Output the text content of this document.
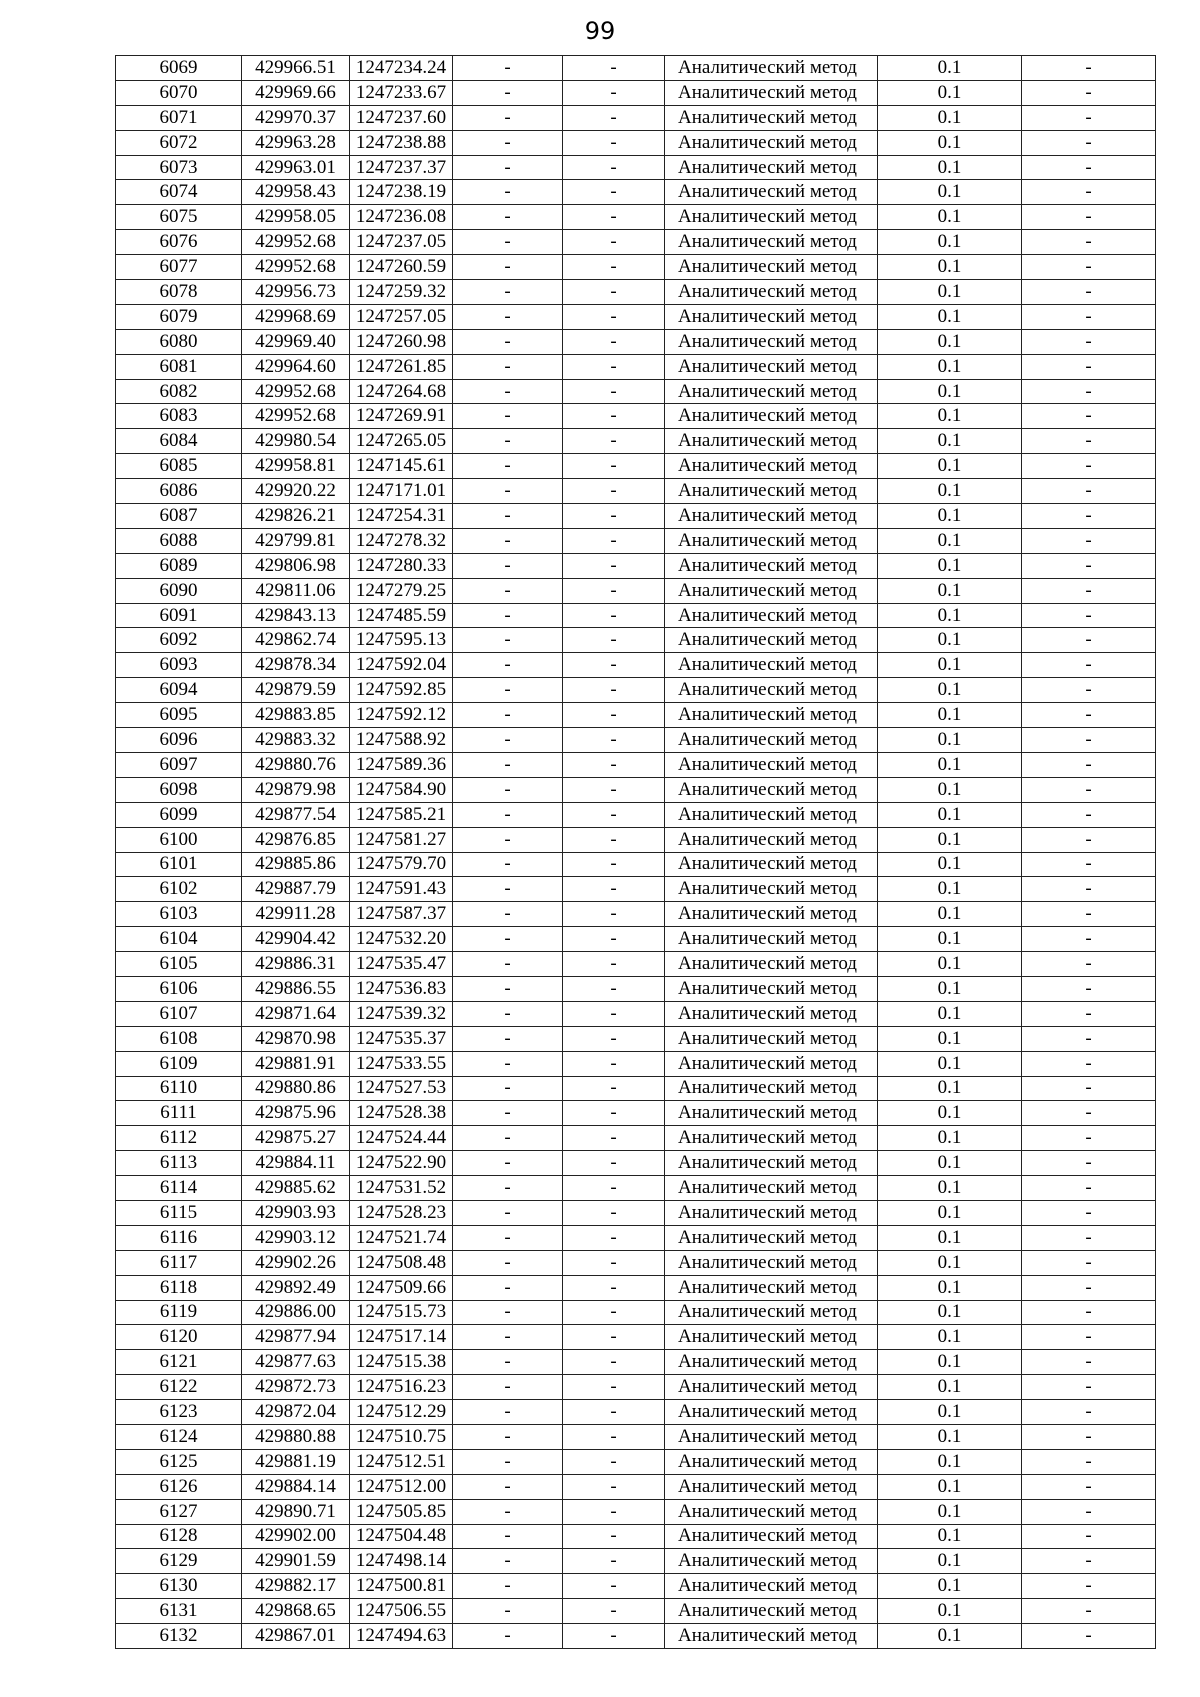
99
6069	429966.51	1247234.24	-	-	Аналитический метод	0.1	-
6070	429969.66	1247233.67	-	-	Аналитический метод	0.1	-
6071	429970.37	1247237.60	-	-	Аналитический метод	0.1	-
6072	429963.28	1247238.88	-	-	Аналитический метод	0.1	-
6073	429963.01	1247237.37	-	-	Аналитический метод	0.1	-
6074	429958.43	1247238.19	-	-	Аналитический метод	0.1	-
6075	429958.05	1247236.08	-	-	Аналитический метод	0.1	-
6076	429952.68	1247237.05	-	-	Аналитический метод	0.1	-
6077	429952.68	1247260.59	-	-	Аналитический метод	0.1	-
6078	429956.73	1247259.32	-	-	Аналитический метод	0.1	-
6079	429968.69	1247257.05	-	-	Аналитический метод	0.1	-
6080	429969.40	1247260.98	-	-	Аналитический метод	0.1	-
6081	429964.60	1247261.85	-	-	Аналитический метод	0.1	-
6082	429952.68	1247264.68	-	-	Аналитический метод	0.1	-
6083	429952.68	1247269.91	-	-	Аналитический метод	0.1	-
6084	429980.54	1247265.05	-	-	Аналитический метод	0.1	-
6085	429958.81	1247145.61	-	-	Аналитический метод	0.1	-
6086	429920.22	1247171.01	-	-	Аналитический метод	0.1	-
6087	429826.21	1247254.31	-	-	Аналитический метод	0.1	-
6088	429799.81	1247278.32	-	-	Аналитический метод	0.1	-
6089	429806.98	1247280.33	-	-	Аналитический метод	0.1	-
6090	429811.06	1247279.25	-	-	Аналитический метод	0.1	-
6091	429843.13	1247485.59	-	-	Аналитический метод	0.1	-
6092	429862.74	1247595.13	-	-	Аналитический метод	0.1	-
6093	429878.34	1247592.04	-	-	Аналитический метод	0.1	-
6094	429879.59	1247592.85	-	-	Аналитический метод	0.1	-
6095	429883.85	1247592.12	-	-	Аналитический метод	0.1	-
6096	429883.32	1247588.92	-	-	Аналитический метод	0.1	-
6097	429880.76	1247589.36	-	-	Аналитический метод	0.1	-
6098	429879.98	1247584.90	-	-	Аналитический метод	0.1	-
6099	429877.54	1247585.21	-	-	Аналитический метод	0.1	-
6100	429876.85	1247581.27	-	-	Аналитический метод	0.1	-
6101	429885.86	1247579.70	-	-	Аналитический метод	0.1	-
6102	429887.79	1247591.43	-	-	Аналитический метод	0.1	-
6103	429911.28	1247587.37	-	-	Аналитический метод	0.1	-
6104	429904.42	1247532.20	-	-	Аналитический метод	0.1	-
6105	429886.31	1247535.47	-	-	Аналитический метод	0.1	-
6106	429886.55	1247536.83	-	-	Аналитический метод	0.1	-
6107	429871.64	1247539.32	-	-	Аналитический метод	0.1	-
6108	429870.98	1247535.37	-	-	Аналитический метод	0.1	-
6109	429881.91	1247533.55	-	-	Аналитический метод	0.1	-
6110	429880.86	1247527.53	-	-	Аналитический метод	0.1	-
6111	429875.96	1247528.38	-	-	Аналитический метод	0.1	-
6112	429875.27	1247524.44	-	-	Аналитический метод	0.1	-
6113	429884.11	1247522.90	-	-	Аналитический метод	0.1	-
6114	429885.62	1247531.52	-	-	Аналитический метод	0.1	-
6115	429903.93	1247528.23	-	-	Аналитический метод	0.1	-
6116	429903.12	1247521.74	-	-	Аналитический метод	0.1	-
6117	429902.26	1247508.48	-	-	Аналитический метод	0.1	-
6118	429892.49	1247509.66	-	-	Аналитический метод	0.1	-
6119	429886.00	1247515.73	-	-	Аналитический метод	0.1	-
6120	429877.94	1247517.14	-	-	Аналитический метод	0.1	-
6121	429877.63	1247515.38	-	-	Аналитический метод	0.1	-
6122	429872.73	1247516.23	-	-	Аналитический метод	0.1	-
6123	429872.04	1247512.29	-	-	Аналитический метод	0.1	-
6124	429880.88	1247510.75	-	-	Аналитический метод	0.1	-
6125	429881.19	1247512.51	-	-	Аналитический метод	0.1	-
6126	429884.14	1247512.00	-	-	Аналитический метод	0.1	-
6127	429890.71	1247505.85	-	-	Аналитический метод	0.1	-
6128	429902.00	1247504.48	-	-	Аналитический метод	0.1	-
6129	429901.59	1247498.14	-	-	Аналитический метод	0.1	-
6130	429882.17	1247500.81	-	-	Аналитический метод	0.1	-
6131	429868.65	1247506.55	-	-	Аналитический метод	0.1	-
6132	429867.01	1247494.63	-	-	Аналитический метод	0.1	-
